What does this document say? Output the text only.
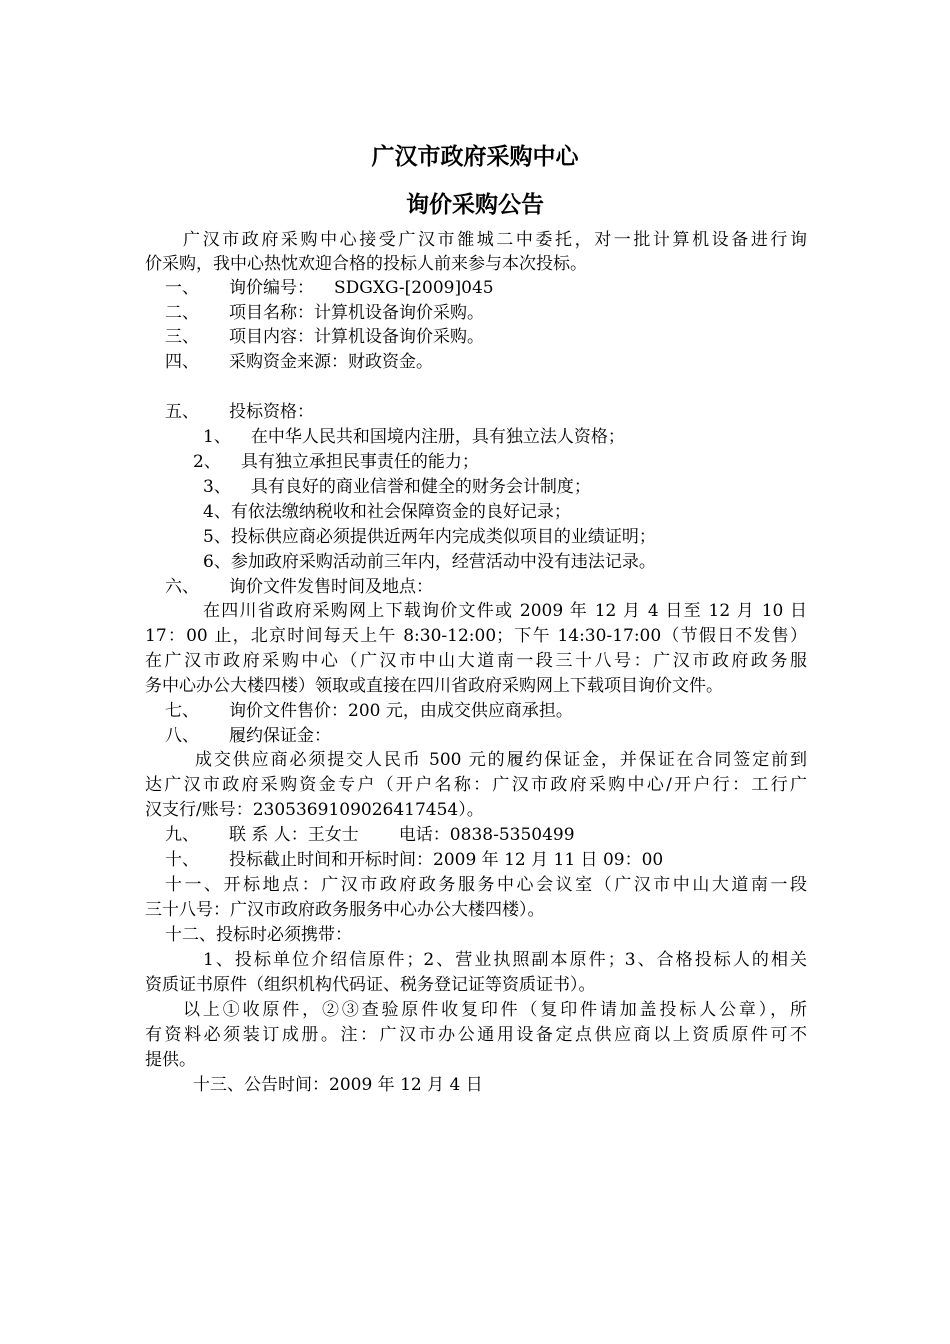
广汉市政府采购中心
询价采购公告
广汉市政府采购中心接受广汉市雒城二中委托，对一批计算机设备进行询
价采购，我中心热忱欢迎合格的投标人前来参与本次投标。
一、 询价编号： SDGXG-[2009]045
二、 项目名称：计算机设备询价采购。
三、 项目内容：计算机设备询价采购。
四、 采购资金来源：财政资金。
五、 投标资格：
1、 在中华人民共和国境内注册，具有独立法人资格；
2、 具有独立承担民事责任的能力；
3、 具有良好的商业信誉和健全的财务会计制度；
4、有依法缴纳税收和社会保障资金的良好记录；
5、投标供应商必须提供近两年内完成类似项目的业绩证明；
6、参加政府采购活动前三年内，经营活动中没有违法记录。
六、 询价文件发售时间及地点：
在四川省政府采购网上下载询价文件或 2009 年 12 月 4 日至 12 月 10 日
17：00 止，北京时间每天上午 8:30-12:00；下午 14:30-17:00（节假日不发售）
在广汉市政府采购中心（广汉市中山大道南一段三十八号：广汉市政府政务服
务中心办公大楼四楼）领取或直接在四川省政府采购网上下载项目询价文件。
七、 询价文件售价：200 元，由成交供应商承担。
八、 履约保证金：
成交供应商必须提交人民币 500 元的履约保证金，并保证在合同签定前到
达广汉市政府采购资金专户（开户名称：广汉市政府采购中心/开户行：工行广
汉支行/账号：2305369109026417454）。
九、 联 系 人：王女士 电话：0838-5350499
十、 投标截止时间和开标时间：2009 年 12 月 11 日 09：00
十一、开标地点：广汉市政府政务服务中心会议室（广汉市中山大道南一段
三十八号：广汉市政府政务服务中心办公大楼四楼）。
十二、投标时必须携带：
1、投标单位介绍信原件；2、营业执照副本原件；3、合格投标人的相关
资质证书原件（组织机构代码证、税务登记证等资质证书）。
以上①收原件，②③查验原件收复印件（复印件请加盖投标人公章），所
有资料必须装订成册。注：广汉市办公通用设备定点供应商以上资质原件可不
提供。
十三、公告时间：2009 年 12 月 4 日
